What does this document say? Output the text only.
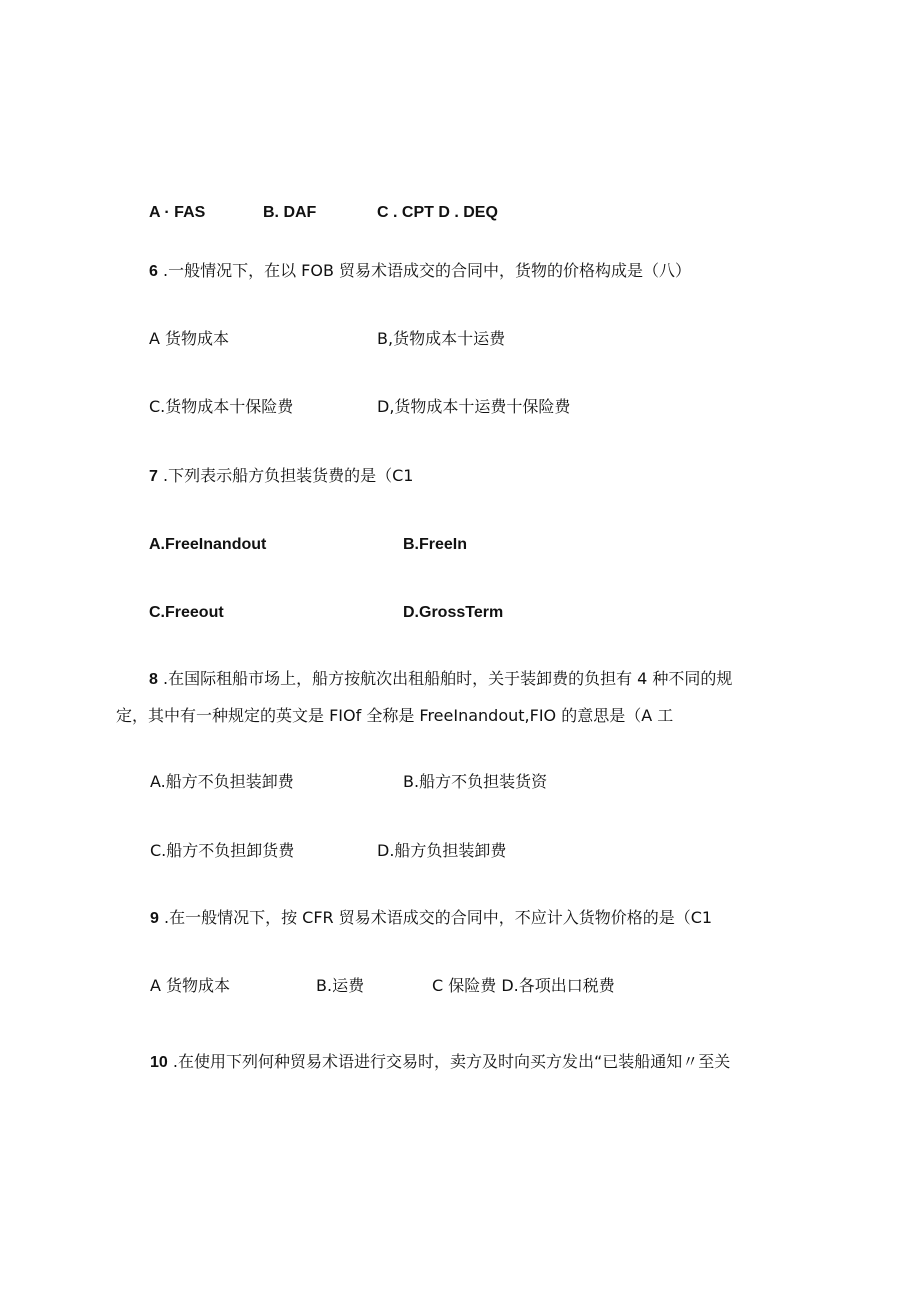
A · FAS	B. DAF	C . CPT D . DEQ
6 .一般情况下，在以 FOB 贸易术语成交的合同中，货物的价格构成是（八）
A 货物成本	B,货物成本十运费
C.货物成本十保险费	D,货物成本十运费十保险费
7 .下列表示船方负担装货费的是（C1
A.FreeInandout	B.FreeIn
C.Freeout	D.GrossTerm
8 .在国际租船市场上，船方按航次出租船舶时，关于装卸费的负担有 4 种不同的规
定，其中有一种规定的英文是 FIOf 全称是 FreeInandout,FIO 的意思是（A 工
A.船方不负担装卸费	B.船方不负担装货资
C.船方不负担卸货费	D.船方负担装卸费
9 .在一般情况下，按 CFR 贸易术语成交的合同中，不应计入货物价格的是（C1
A 货物成本	B.运费	C 保险费 D.各项出口税费
10 .在使用下列何种贸易术语进行交易时，卖方及时向买方发出“已装船通知〃至关
